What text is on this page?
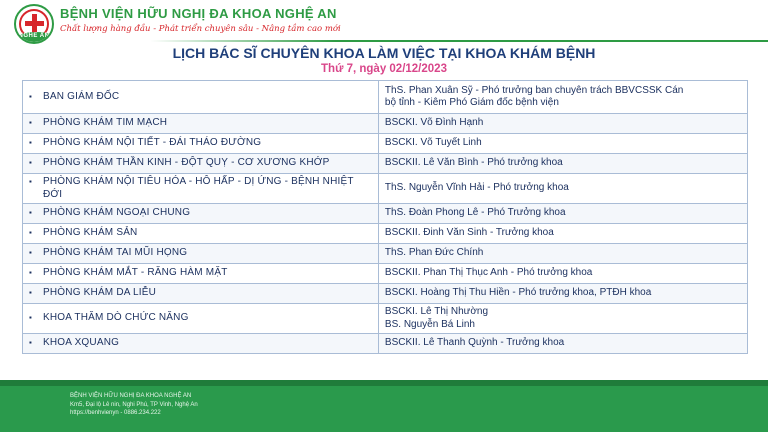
NGHE AN
BỆNH VIỆN HỮU NGHỊ ĐA KHOA NGHỆ AN
Chất lượng hàng đầu - Phát triển chuyên sâu - Nâng tầm cao mới
LỊCH BÁC SĨ CHUYÊN KHOA LÀM VIỆC TẠI KHOA KHÁM BỆNH
Thứ 7, ngày 02/12/2023
▪ BAN GIÁM ĐỐC	ThS. Phan Xuân Sỹ - Phó trưởng ban chuyên trách BBVCSSK Cán
bộ tỉnh - Kiêm Phó Giám đốc bệnh viện

▪ PHÒNG KHÁM TIM MẠCH	BSCKI. Võ Đình Hạnh

▪ PHÒNG KHÁM NỘI TIẾT - ĐÁI THÁO ĐƯỜNG	BSCKI. Võ Tuyết Linh

▪ PHÒNG KHÁM THẦN KINH - ĐỘT QUỴ - CƠ XƯƠNG KHỚP	BSCKII. Lê Văn Bình - Phó trưởng khoa

▪ PHÒNG KHÁM NỘI TIÊU HÓA - HÔ HẤP - DỊ ỨNG - BỆNH NHIỆT ĐỚI	ThS. Nguyễn Vĩnh Hải - Phó trưởng khoa

▪ PHÒNG KHÁM NGOẠI CHUNG	ThS. Đoàn Phong Lê - Phó Trưởng khoa

▪ PHÒNG KHÁM SẢN	BSCKII. Đinh Văn Sinh - Trưởng khoa

▪ PHÒNG KHÁM TAI MŨI HỌNG	ThS. Phan Đức Chính

▪ PHÒNG KHÁM MẮT - RĂNG HÀM MẶT	BSCKII. Phan Thị Thục Anh - Phó trưởng khoa

▪ PHÒNG KHÁM DA LIỄU	BSCKI. Hoàng Thị Thu Hiền - Phó trưởng khoa, PTĐH khoa

▪ KHOA THĂM DÒ CHỨC NĂNG	BSCKI. Lê Thị Nhường
BS. Nguyễn Bá Linh

▪ KHOA XQUANG	BSCKII. Lê Thanh Quỳnh - Trưởng khoa
BỆNH VIỆN HỮU NGHỊ ĐA KHOA NGHỆ AN
Km5, Đại lộ Lê nin, Nghi Phú, TP Vinh, Nghệ An
https://benhvienyn - 0886.234.222
